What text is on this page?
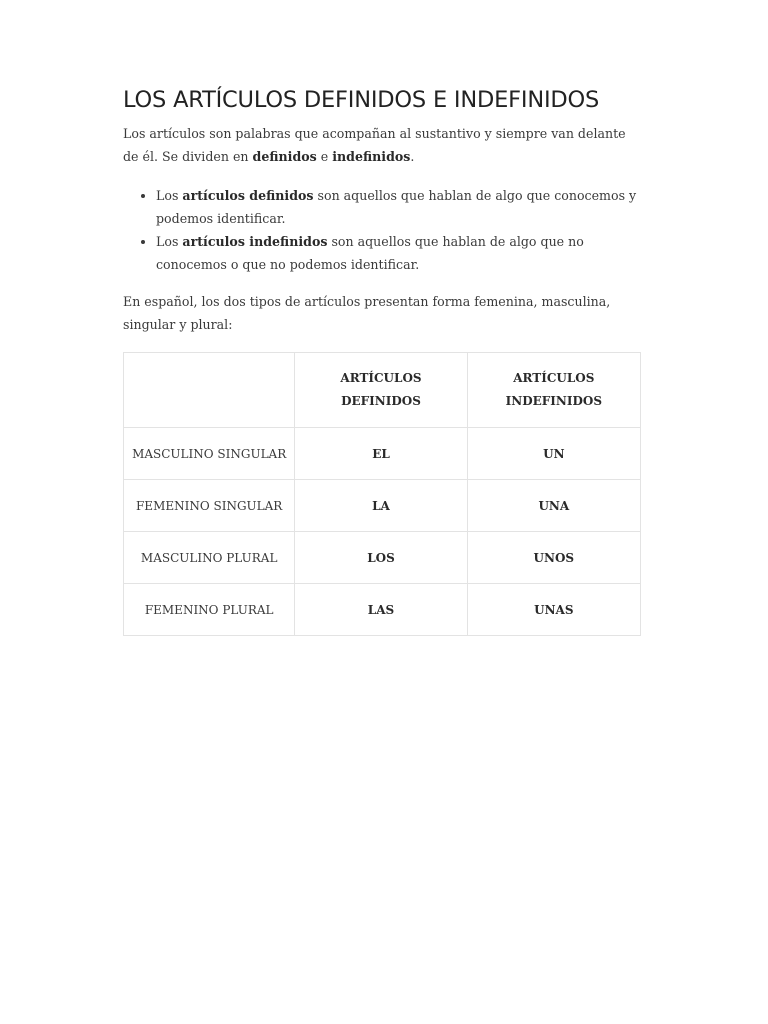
LOS ARTÍCULOS DEFINIDOS E INDEFINIDOS

Los artículos son palabras que acompañan al sustantivo y siempre van delante de él. Se dividen en definidos e indefinidos.

• Los artículos definidos son aquellos que hablan de algo que conocemos y podemos identificar.
• Los artículos indefinidos son aquellos que hablan de algo que no conocemos o que no podemos identificar.

En español, los dos tipos de artículos presentan forma femenina, masculina, singular y plural:

	ARTÍCULOS DEFINIDOS	ARTÍCULOS INDEFINIDOS
MASCULINO SINGULAR	EL	UN
FEMENINO SINGULAR	LA	UNA
MASCULINO PLURAL	LOS	UNOS
FEMENINO PLURAL	LAS	UNAS
